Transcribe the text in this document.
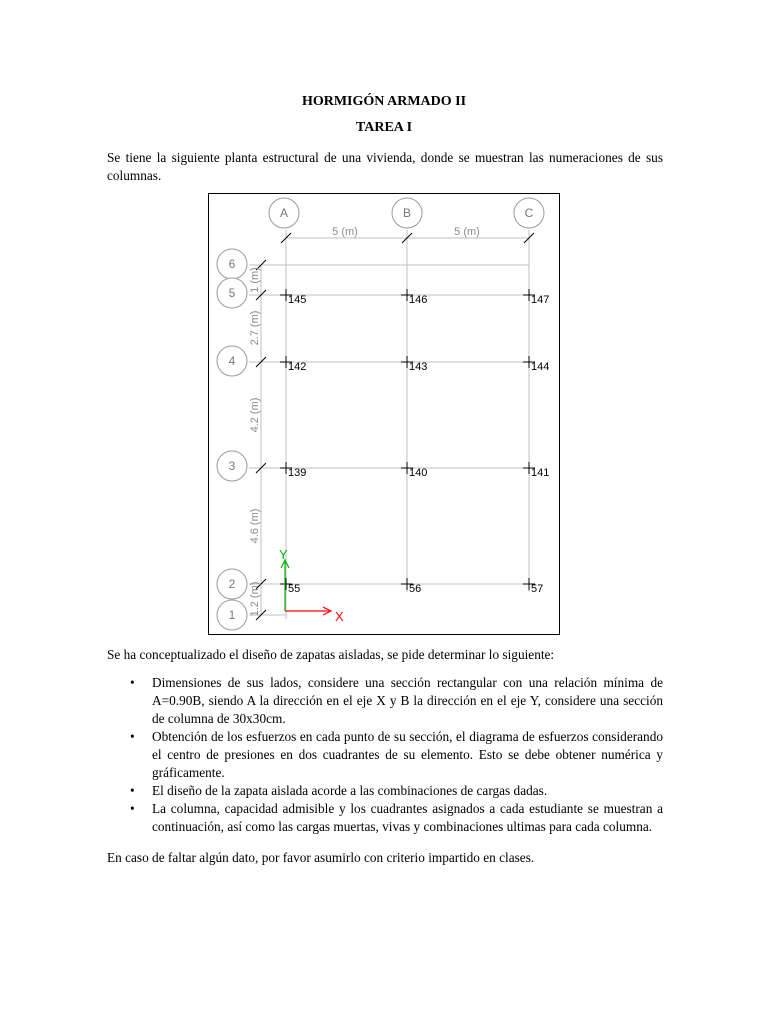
HORMIGÓN ARMADO II
TAREA I
Se tiene la siguiente planta estructural de una vivienda, donde se muestran las numeraciones de sus columnas.
A	B	C
6
5
4
3
2
1
5 (m)	5 (m)
1 (m)
2.7 (m)
4.2 (m)
4.6 (m)
1.2 (m)
145	146	147
142	143	144
139	140	141
55	56	57
Y
X
Se ha conceptualizado el diseño de zapatas aisladas, se pide determinar lo siguiente:
• Dimensiones de sus lados, considere una sección rectangular con una relación mínima de A=0.90B, siendo A la dirección en el eje X y B la dirección en el eje Y, considere una sección de columna de 30x30cm.
• Obtención de los esfuerzos en cada punto de su sección, el diagrama de esfuerzos considerando el centro de presiones en dos cuadrantes de su elemento. Esto se debe obtener numérica y gráficamente.
• El diseño de la zapata aislada acorde a las combinaciones de cargas dadas.
• La columna, capacidad admisible y los cuadrantes asignados a cada estudiante se muestran a continuación, así como las cargas muertas, vivas y combinaciones ultimas para cada columna.
En caso de faltar algún dato, por favor asumirlo con criterio impartido en clases.
